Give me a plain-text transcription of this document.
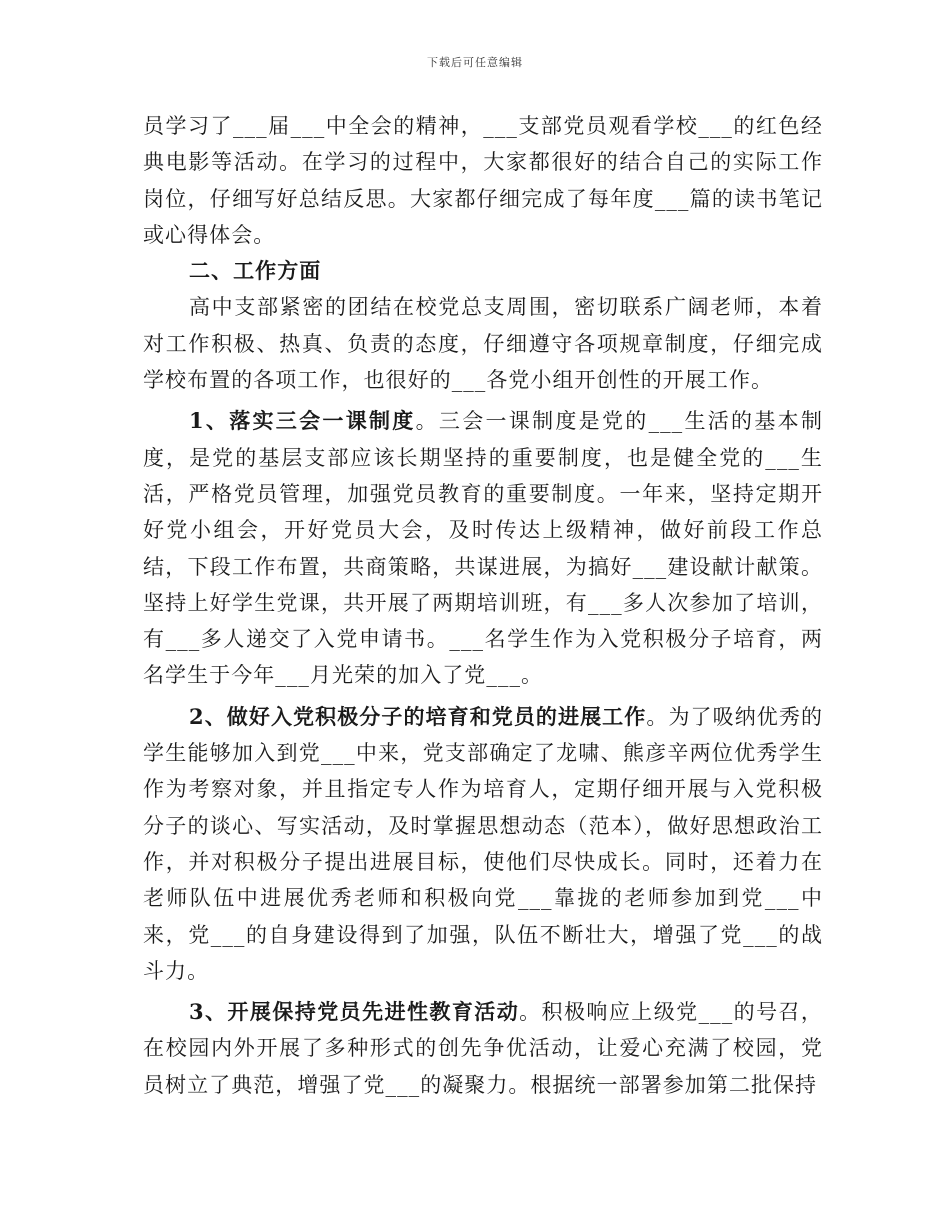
下载后可任意编辑

员学习了___届___中全会的精神，___支部党员观看学校___的红色经典电影等活动。在学习的过程中，大家都很好的结合自己的实际工作岗位，仔细写好总结反思。大家都仔细完成了每年度___篇的读书笔记或心得体会。

二、工作方面

高中支部紧密的团结在校党总支周围，密切联系广阔老师，本着对工作积极、热真、负责的态度，仔细遵守各项规章制度，仔细完成学校布置的各项工作，也很好的___各党小组开创性的开展工作。

1、落实三会一课制度。三会一课制度是党的___生活的基本制度，是党的基层支部应该长期坚持的重要制度，也是健全党的___生活，严格党员管理，加强党员教育的重要制度。一年来，坚持定期开好党小组会，开好党员大会，及时传达上级精神，做好前段工作总结，下段工作布置，共商策略，共谋进展，为搞好___建设献计献策。坚持上好学生党课，共开展了两期培训班，有___多人次参加了培训，有___多人递交了入党申请书。___名学生作为入党积极分子培育，两名学生于今年___月光荣的加入了党___。

2、做好入党积极分子的培育和党员的进展工作。为了吸纳优秀的学生能够加入到党___中来，党支部确定了龙啸、熊彦辛两位优秀学生作为考察对象，并且指定专人作为培育人，定期仔细开展与入党积极分子的谈心、写实活动，及时掌握思想动态（范本），做好思想政治工作，并对积极分子提出进展目标，使他们尽快成长。同时，还着力在老师队伍中进展优秀老师和积极向党___靠拢的老师参加到党___中来，党___的自身建设得到了加强，队伍不断壮大，增强了党___的战斗力。

3、开展保持党员先进性教育活动。积极响应上级党___的号召，在校园内外开展了多种形式的创先争优活动，让爱心充满了校园，党员树立了典范，增强了党___的凝聚力。根据统一部署参加第二批保持
